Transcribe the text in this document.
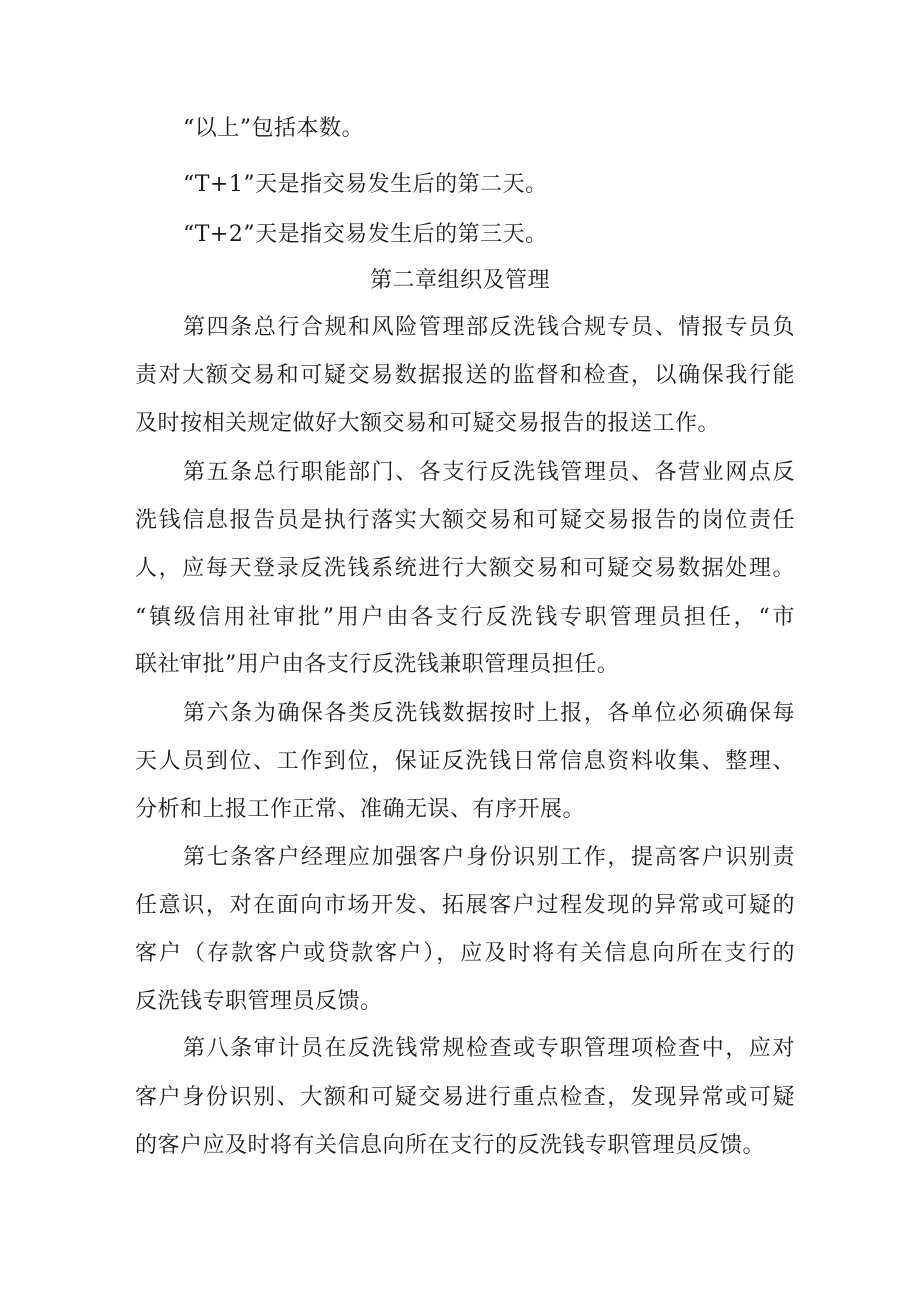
“以上”包括本数。
“T+1”天是指交易发生后的第二天。
“T+2”天是指交易发生后的第三天。
第二章组织及管理
第四条总行合规和风险管理部反洗钱合规专员、情报专员负
责对大额交易和可疑交易数据报送的监督和检查，以确保我行能
及时按相关规定做好大额交易和可疑交易报告的报送工作。
第五条总行职能部门、各支行反洗钱管理员、各营业网点反
洗钱信息报告员是执行落实大额交易和可疑交易报告的岗位责任
人，应每天登录反洗钱系统进行大额交易和可疑交易数据处理。
“镇级信用社审批”用户由各支行反洗钱专职管理员担任，“市
联社审批”用户由各支行反洗钱兼职管理员担任。
第六条为确保各类反洗钱数据按时上报，各单位必须确保每
天人员到位、工作到位，保证反洗钱日常信息资料收集、整理、
分析和上报工作正常、准确无误、有序开展。
第七条客户经理应加强客户身份识别工作，提高客户识别责
任意识，对在面向市场开发、拓展客户过程发现的异常或可疑的
客户（存款客户或贷款客户），应及时将有关信息向所在支行的
反洗钱专职管理员反馈。
第八条审计员在反洗钱常规检查或专职管理项检查中，应对
客户身份识别、大额和可疑交易进行重点检查，发现异常或可疑
的客户应及时将有关信息向所在支行的反洗钱专职管理员反馈。
